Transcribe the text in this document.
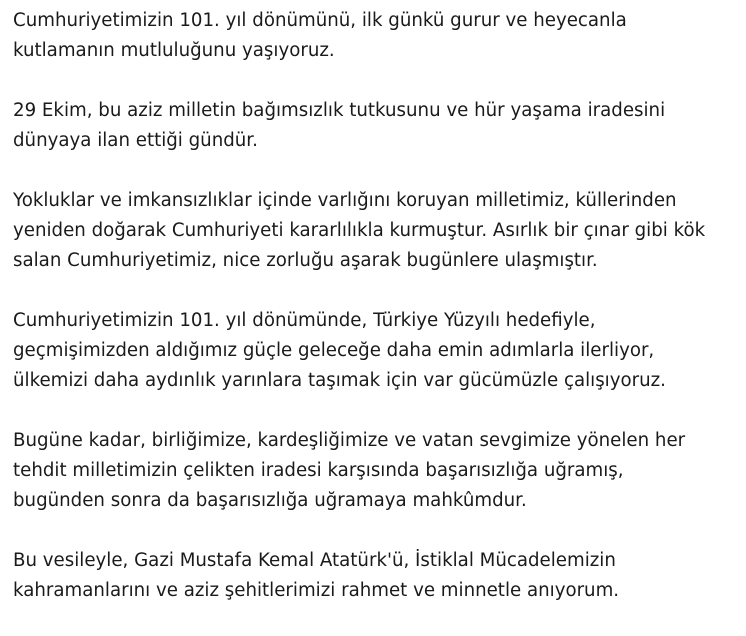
Cumhuriyetimizin 101. yıl dönümünü, ilk günkü gurur ve heyecanla
kutlamanın mutluluğunu yaşıyoruz.

29 Ekim, bu aziz milletin bağımsızlık tutkusunu ve hür yaşama iradesini
dünyaya ilan ettiği gündür.

Yokluklar ve imkansızlıklar içinde varlığını koruyan milletimiz, küllerinden
yeniden doğarak Cumhuriyeti kararlılıkla kurmuştur. Asırlık bir çınar gibi kök
salan Cumhuriyetimiz, nice zorluğu aşarak bugünlere ulaşmıştır.

Cumhuriyetimizin 101. yıl dönümünde, Türkiye Yüzyılı hedefiyle,
geçmişimizden aldığımız güçle geleceğe daha emin adımlarla ilerliyor,
ülkemizi daha aydınlık yarınlara taşımak için var gücümüzle çalışıyoruz.

Bugüne kadar, birliğimize, kardeşliğimize ve vatan sevgimize yönelen her
tehdit milletimizin çelikten iradesi karşısında başarısızlığa uğramış,
bugünden sonra da başarısızlığa uğramaya mahkûmdur.

Bu vesileyle, Gazi Mustafa Kemal Atatürk'ü, İstiklal Mücadelemizin
kahramanlarını ve aziz şehitlerimizi rahmet ve minnetle anıyorum.
